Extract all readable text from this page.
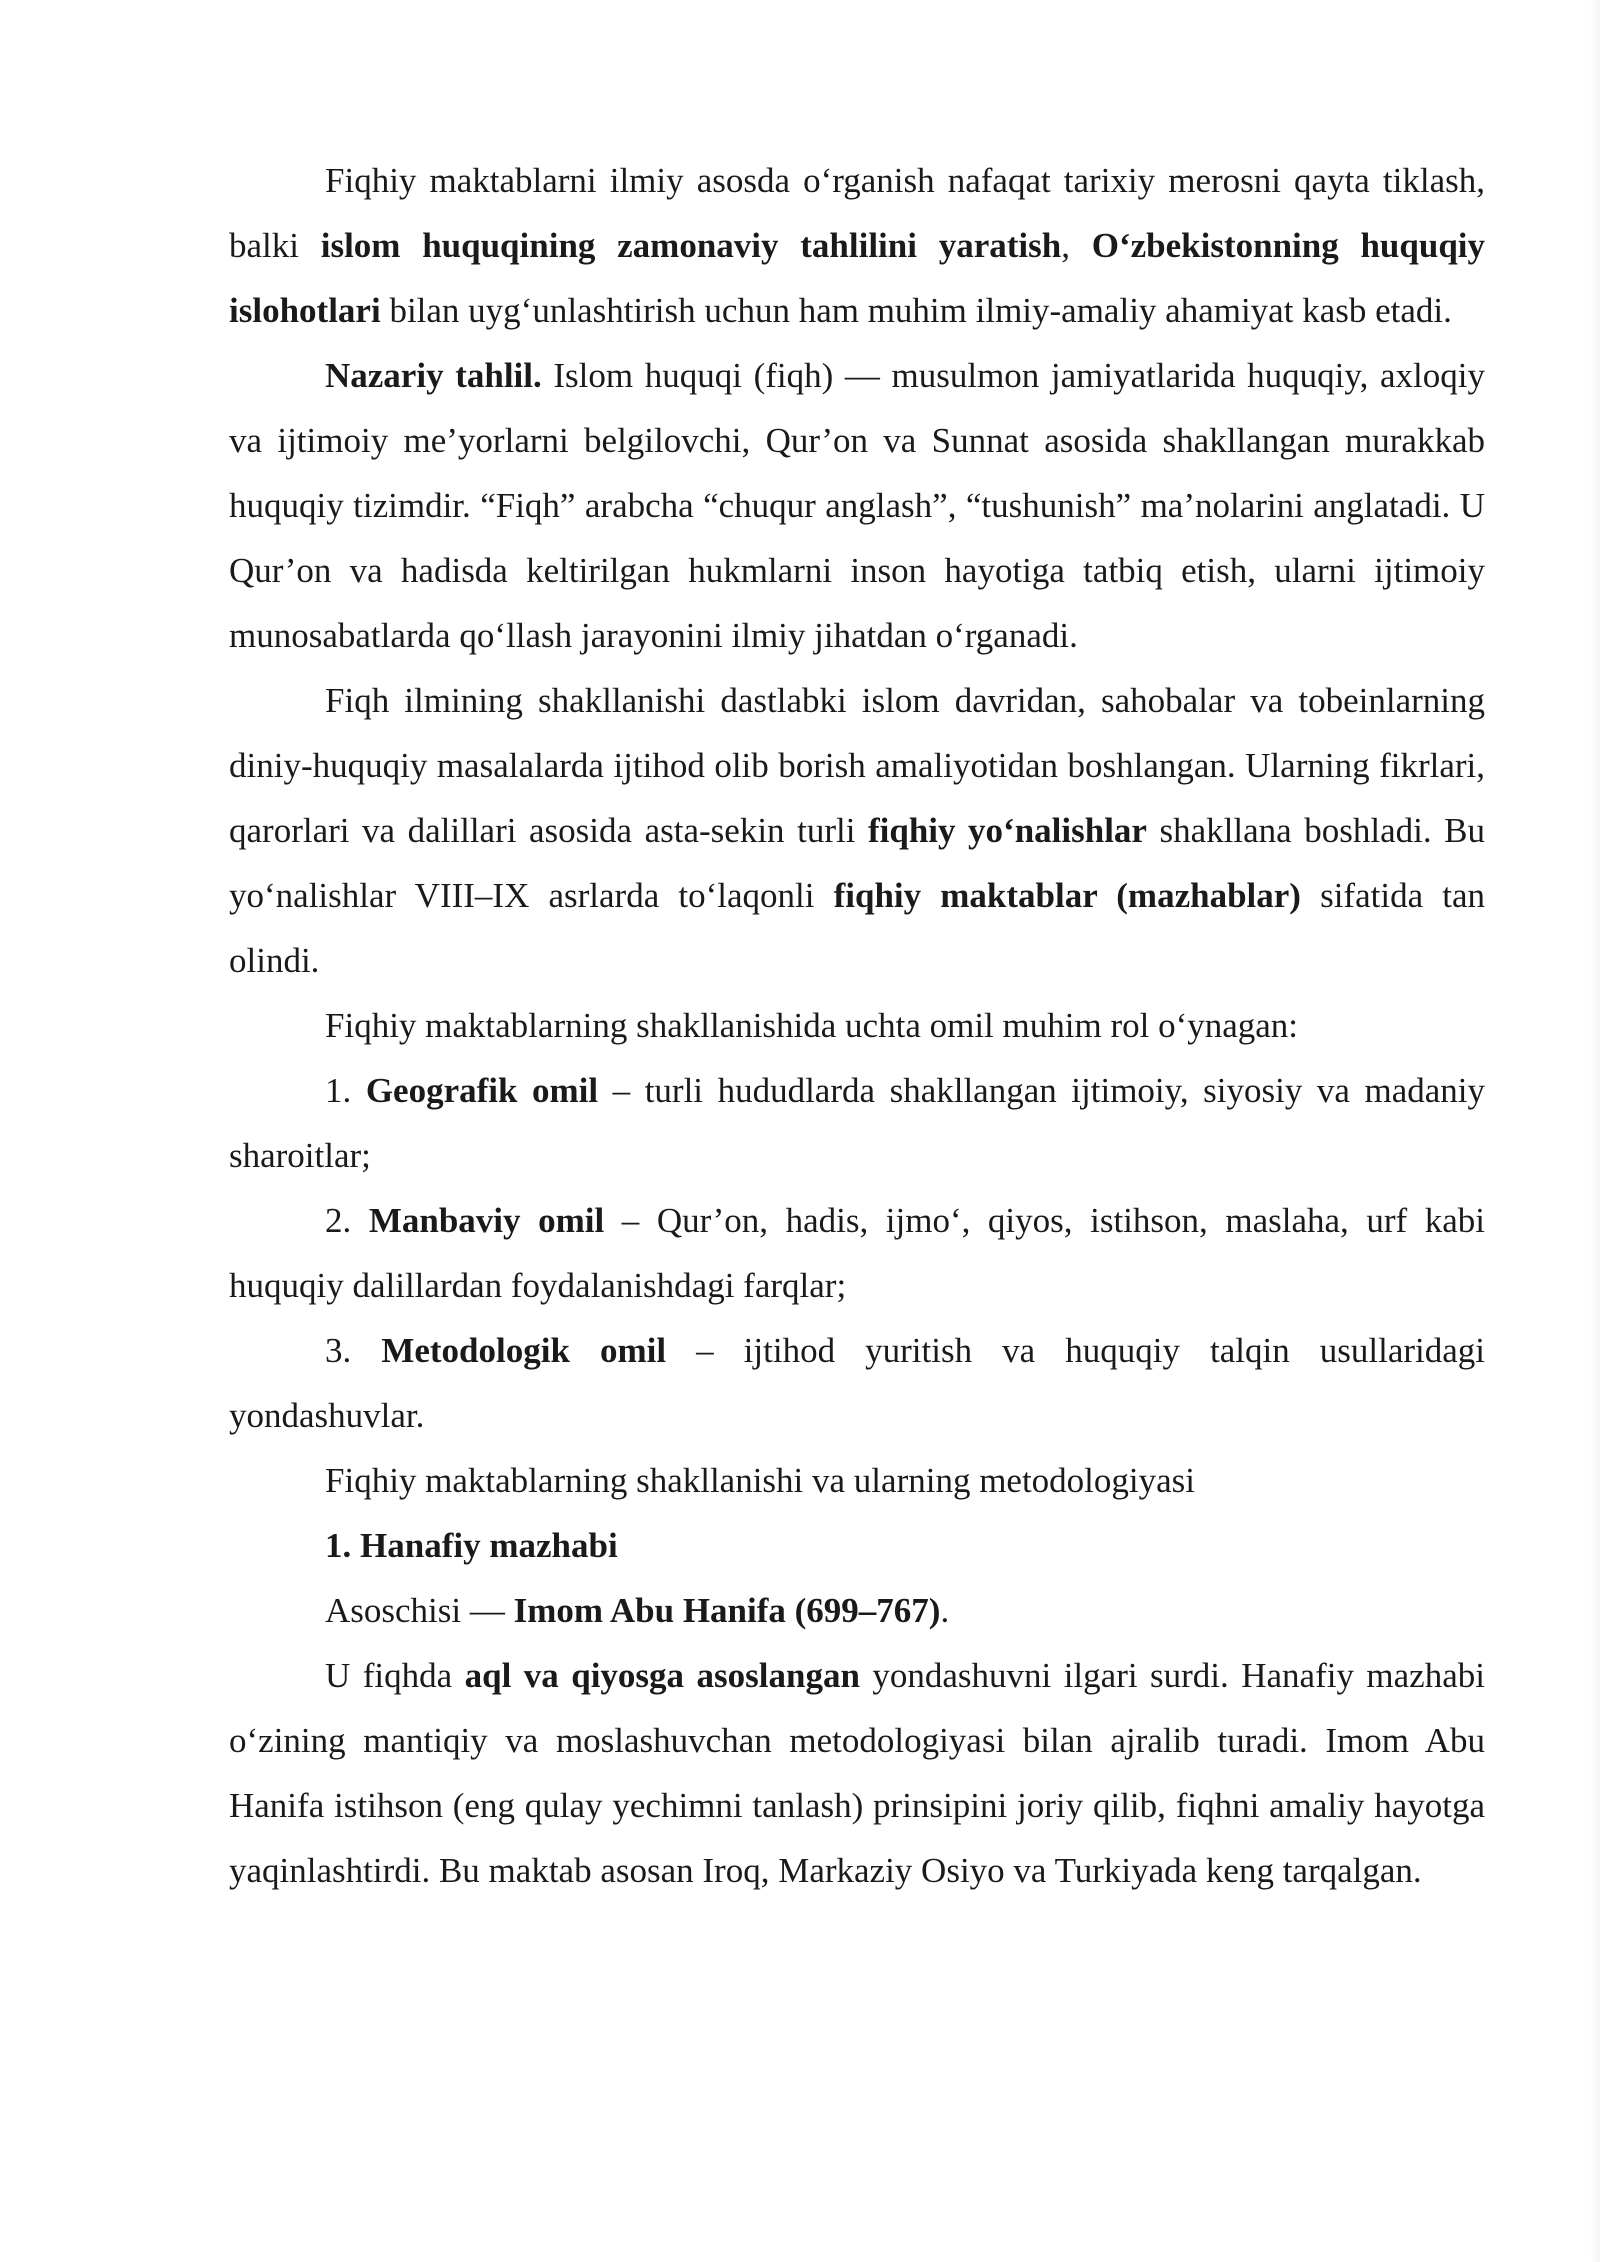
Fiqhiy maktablarni ilmiy asosda o‘rganish nafaqat tarixiy merosni qayta tiklash, balki islom huquqining zamonaviy tahlilini yaratish, O‘zbekistonning huquqiy islohotlari bilan uyg‘unlashtirish uchun ham muhim ilmiy-amaliy ahamiyat kasb etadi.

Nazariy tahlil. Islom huquqi (fiqh) — musulmon jamiyatlarida huquqiy, axloqiy va ijtimoiy me’yorlarni belgilovchi, Qur’on va Sunnat asosida shakllangan murakkab huquqiy tizimdir. “Fiqh” arabcha “chuqur anglash”, “tushunish” ma’nolarini anglatadi. U Qur’on va hadisda keltirilgan hukmlarni inson hayotiga tatbiq etish, ularni ijtimoiy munosabatlarda qo‘llash jarayonini ilmiy jihatdan o‘rganadi.

Fiqh ilmining shakllanishi dastlabki islom davridan, sahobalar va tobeinlarning diniy-huquqiy masalalarda ijtihod olib borish amaliyotidan boshlangan. Ularning fikrlari, qarorlari va dalillari asosida asta-sekin turli fiqhiy yo‘nalishlar shakllana boshladi. Bu yo‘nalishlar VIII–IX asrlarda to‘laqonli fiqhiy maktablar (mazhablar) sifatida tan olindi.

Fiqhiy maktablarning shakllanishida uchta omil muhim rol o‘ynagan:

1. Geografik omil – turli hududlarda shakllangan ijtimoiy, siyosiy va madaniy sharoitlar;

2. Manbaviy omil – Qur’on, hadis, ijmo‘, qiyos, istihson, maslaha, urf kabi huquqiy dalillardan foydalanishdagi farqlar;

3. Metodologik omil – ijtihod yuritish va huquqiy talqin usullaridagi yondashuvlar.

Fiqhiy maktablarning shakllanishi va ularning metodologiyasi

1. Hanafiy mazhabi

Asoschisi — Imom Abu Hanifa (699–767).

U fiqhda aql va qiyosga asoslangan yondashuvni ilgari surdi. Hanafiy mazhabi o‘zining mantiqiy va moslashuvchan metodologiyasi bilan ajralib turadi. Imom Abu Hanifa istihson (eng qulay yechimni tanlash) prinsipini joriy qilib, fiqhni amaliy hayotga yaqinlashtirdi. Bu maktab asosan Iroq, Markaziy Osiyo va Turkiyada keng tarqalgan.
